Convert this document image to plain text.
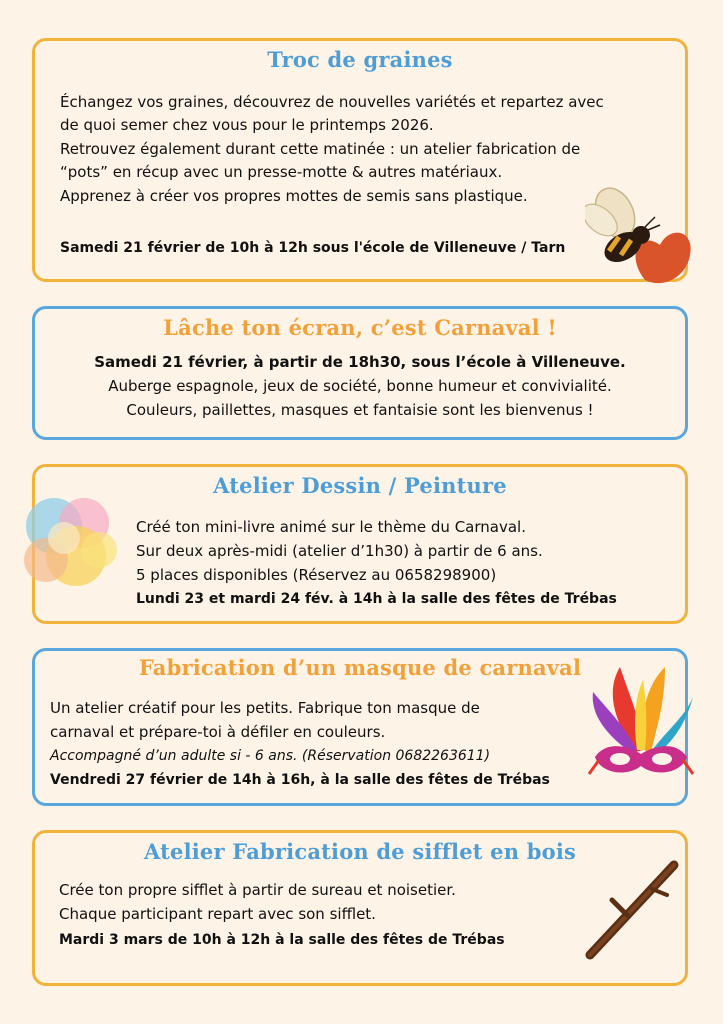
Troc de graines

Échangez vos graines, découvrez de nouvelles variétés et repartez avec

de quoi semer chez vous pour le printemps 2026.

Retrouvez également durant cette matinée : un atelier fabrication de

“pots” en récup avec un presse-motte & autres matériaux.

Apprenez à créer vos propres mottes de semis sans plastique.

Samedi 21 février de 10h à 12h sous l'école de Villeneuve / Tarn

Lâche ton écran, c’est Carnaval !

Samedi 21 février, à partir de 18h30, sous l’école à Villeneuve.

Auberge espagnole, jeux de société, bonne humeur et convivialité.

Couleurs, paillettes, masques et fantaisie sont les bienvenus !

Atelier Dessin / Peinture

Créé ton mini-livre animé sur le thème du Carnaval.

Sur deux après-midi (atelier d’1h30) à partir de 6 ans.

5 places disponibles (Réservez au 0658298900)

Lundi 23 et mardi 24 fév. à 14h à la salle des fêtes de Trébas

Fabrication d’un masque de carnaval

Un atelier créatif pour les petits. Fabrique ton masque de

carnaval et prépare-toi à défiler en couleurs.

Accompagné d’un adulte si - 6 ans. (Réservation 0682263611)

Vendredi 27 février de 14h à 16h, à la salle des fêtes de Trébas

Atelier Fabrication de sifflet en bois

Crée ton propre sifflet à partir de sureau et noisetier.

Chaque participant repart avec son sifflet.

Mardi 3 mars de 10h à 12h à la salle des fêtes de Trébas
